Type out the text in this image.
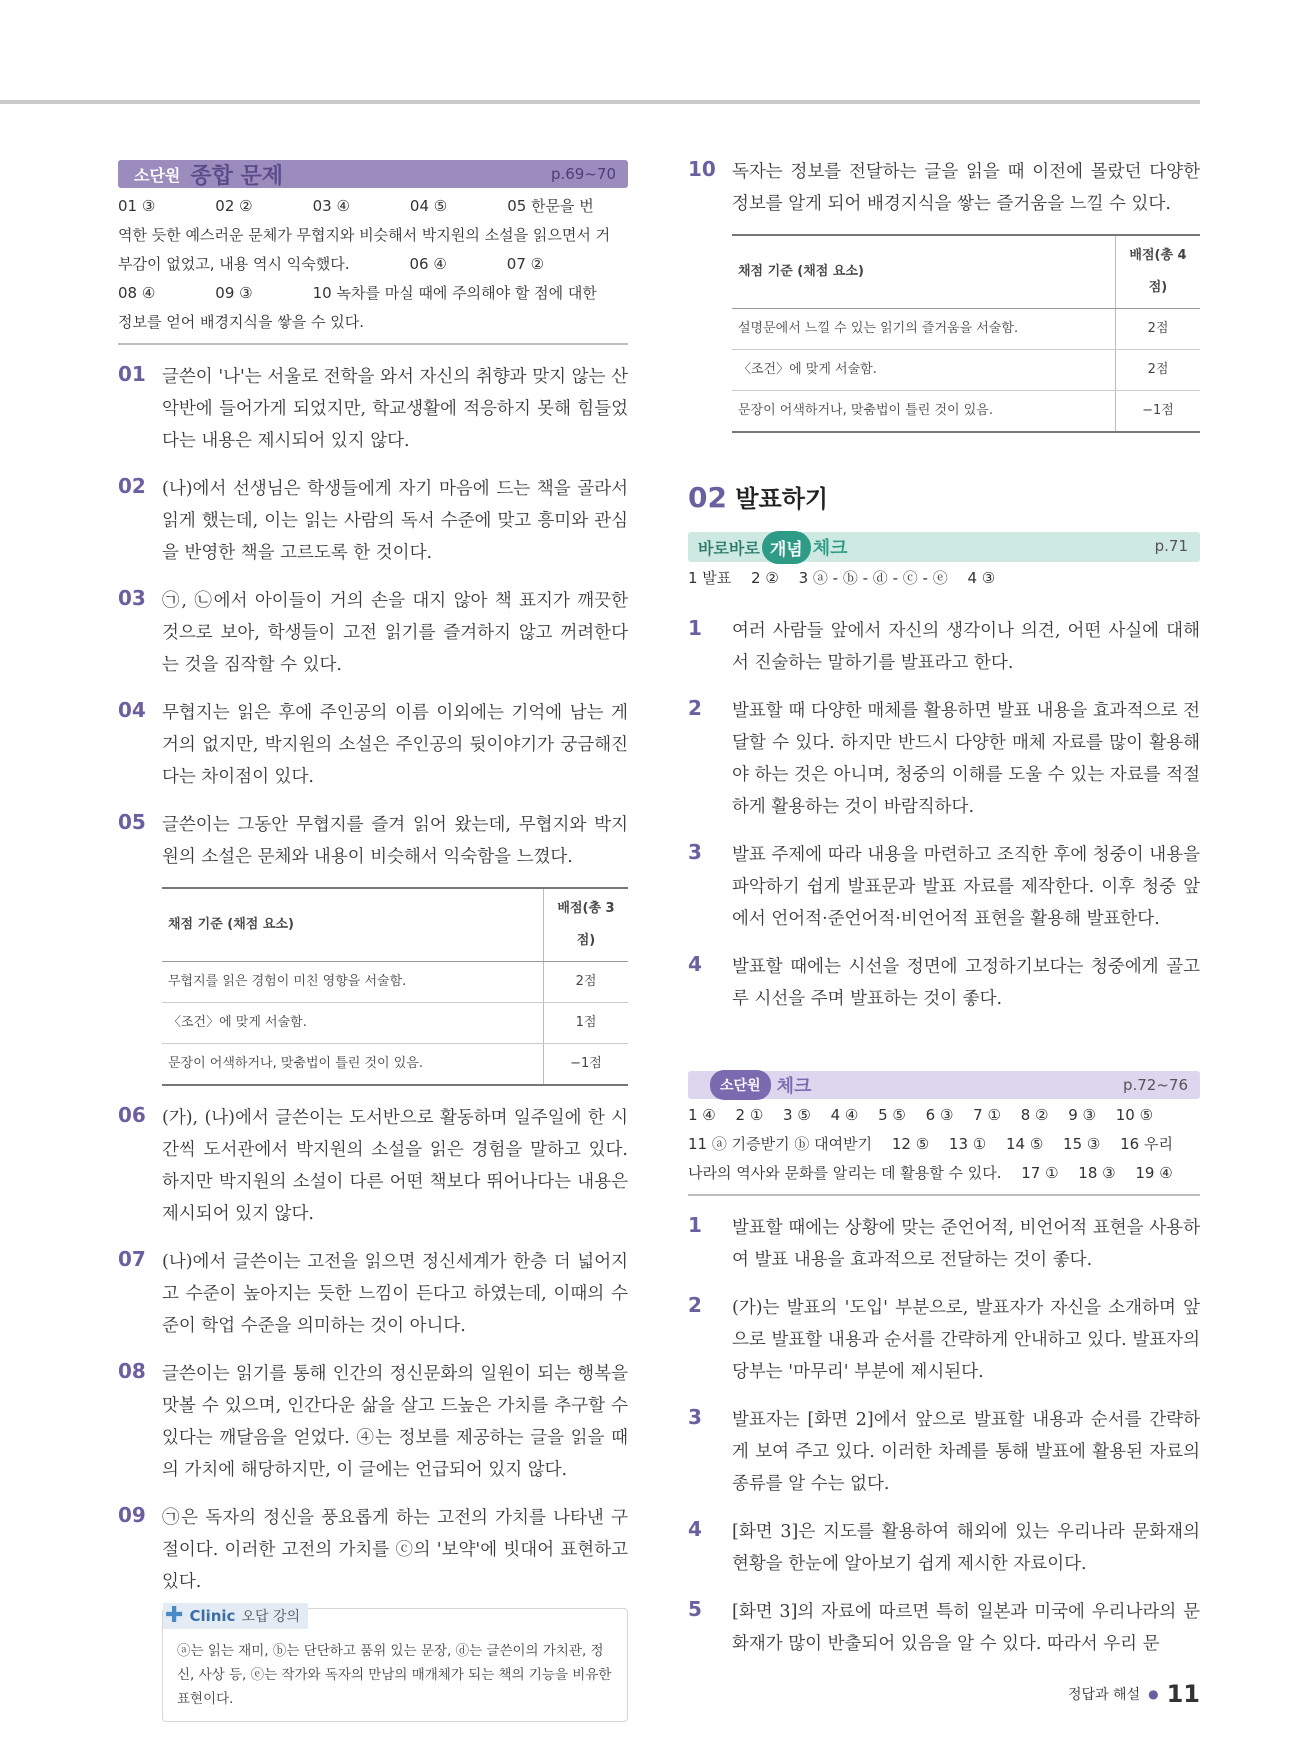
소단원 종합 문제	p.69~70
01 ③　　　　02 ②　　　　03 ④　　　　04 ⑤　　　　05 한문을 번
역한 듯한 예스러운 문체가 무협지와 비슷해서 박지원의 소설을 읽으면서 거
부감이 없었고, 내용 역시 익숙했다.　　　　06 ④　　　　07 ②
08 ④　　　　09 ③　　　　10 녹차를 마실 때에 주의해야 할 점에 대한
정보를 얻어 배경지식을 쌓을 수 있다.
01 글쓴이 '나'는 서울로 전학을 와서 자신의 취향과 맞지 않는 산악반에 들어가게 되었지만, 학교생활에 적응하지 못해 힘들었다는 내용은 제시되어 있지 않다.
02 (나)에서 선생님은 학생들에게 자기 마음에 드는 책을 골라서 읽게 했는데, 이는 읽는 사람의 독서 수준에 맞고 흥미와 관심을 반영한 책을 고르도록 한 것이다.
03 ㉠, ㉡에서 아이들이 거의 손을 대지 않아 책 표지가 깨끗한 것으로 보아, 학생들이 고전 읽기를 즐겨하지 않고 꺼려한다는 것을 짐작할 수 있다.
04 무협지는 읽은 후에 주인공의 이름 이외에는 기억에 남는 게 거의 없지만, 박지원의 소설은 주인공의 뒷이야기가 궁금해진다는 차이점이 있다.
05 글쓴이는 그동안 무협지를 즐겨 읽어 왔는데, 무협지와 박지원의 소설은 문체와 내용이 비슷해서 익숙함을 느꼈다.
채점 기준 (채점 요소)	배점(총 3점)
무협지를 읽은 경험이 미친 영향을 서술함.	2점
〈조건〉에 맞게 서술함.	1점
문장이 어색하거나, 맞춤법이 틀린 것이 있음.	−1점
06 (가), (나)에서 글쓴이는 도서반으로 활동하며 일주일에 한 시간씩 도서관에서 박지원의 소설을 읽은 경험을 말하고 있다. 하지만 박지원의 소설이 다른 어떤 책보다 뛰어나다는 내용은 제시되어 있지 않다.
07 (나)에서 글쓴이는 고전을 읽으면 정신세계가 한층 더 넓어지고 수준이 높아지는 듯한 느낌이 든다고 하였는데, 이때의 수준이 학업 수준을 의미하는 것이 아니다.
08 글쓴이는 읽기를 통해 인간의 정신문화의 일원이 되는 행복을 맛볼 수 있으며, 인간다운 삶을 살고 드높은 가치를 추구할 수 있다는 깨달음을 얻었다. ④는 정보를 제공하는 글을 읽을 때의 가치에 해당하지만, 이 글에는 언급되어 있지 않다.
09 ㉠은 독자의 정신을 풍요롭게 하는 고전의 가치를 나타낸 구절이다. 이러한 고전의 가치를 ⓒ의 '보약'에 빗대어 표현하고 있다.
✚ Clinic 오답 강의
ⓐ는 읽는 재미, ⓑ는 단단하고 품위 있는 문장, ⓓ는 글쓴이의 가치관, 정신, 사상 등, ⓔ는 작가와 독자의 만남의 매개체가 되는 책의 기능을 비유한 표현이다.
10 독자는 정보를 전달하는 글을 읽을 때 이전에 몰랐던 다양한 정보를 알게 되어 배경지식을 쌓는 즐거움을 느낄 수 있다.
채점 기준 (채점 요소)	배점(총 4점)
설명문에서 느낄 수 있는 읽기의 즐거움을 서술함.	2점
〈조건〉에 맞게 서술함.	2점
문장이 어색하거나, 맞춤법이 틀린 것이 있음.	−1점
02 발표하기
바로바로 개념 체크	p.71
1 발표　 2 ②　 3 ⓐ - ⓑ - ⓓ - ⓒ - ⓔ　 4 ③
1	여러 사람들 앞에서 자신의 생각이나 의견, 어떤 사실에 대해서 진술하는 말하기를 발표라고 한다.
2	발표할 때 다양한 매체를 활용하면 발표 내용을 효과적으로 전달할 수 있다. 하지만 반드시 다양한 매체 자료를 많이 활용해야 하는 것은 아니며, 청중의 이해를 도울 수 있는 자료를 적절하게 활용하는 것이 바람직하다.
3	발표 주제에 따라 내용을 마련하고 조직한 후에 청중이 내용을 파악하기 쉽게 발표문과 발표 자료를 제작한다. 이후 청중 앞에서 언어적·준언어적·비언어적 표현을 활용해 발표한다.
4	발표할 때에는 시선을 정면에 고정하기보다는 청중에게 골고루 시선을 주며 발표하는 것이 좋다.
소단원 체크	p.72~76
1 ④　 2 ①　 3 ⑤　 4 ④　 5 ⑤　 6 ③　 7 ①　 8 ②　 9 ③　 10 ⑤
11 ⓐ 기증받기 ⓑ 대여받기　 12 ⑤　 13 ①　 14 ⑤　 15 ③　 16 우리
나라의 역사와 문화를 알리는 데 활용할 수 있다.　 17 ①　 18 ③　 19 ④
1	발표할 때에는 상황에 맞는 준언어적, 비언어적 표현을 사용하여 발표 내용을 효과적으로 전달하는 것이 좋다.
2	(가)는 발표의 '도입' 부분으로, 발표자가 자신을 소개하며 앞으로 발표할 내용과 순서를 간략하게 안내하고 있다. 발표자의 당부는 '마무리' 부분에 제시된다.
3	발표자는 [화면 2]에서 앞으로 발표할 내용과 순서를 간략하게 보여 주고 있다. 이러한 차례를 통해 발표에 활용된 자료의 종류를 알 수는 없다.
4	[화면 3]은 지도를 활용하여 해외에 있는 우리나라 문화재의 현황을 한눈에 알아보기 쉽게 제시한 자료이다.
5	[화면 3]의 자료에 따르면 특히 일본과 미국에 우리나라의 문화재가 많이 반출되어 있음을 알 수 있다. 따라서 우리 문
정답과 해설 ● 11
